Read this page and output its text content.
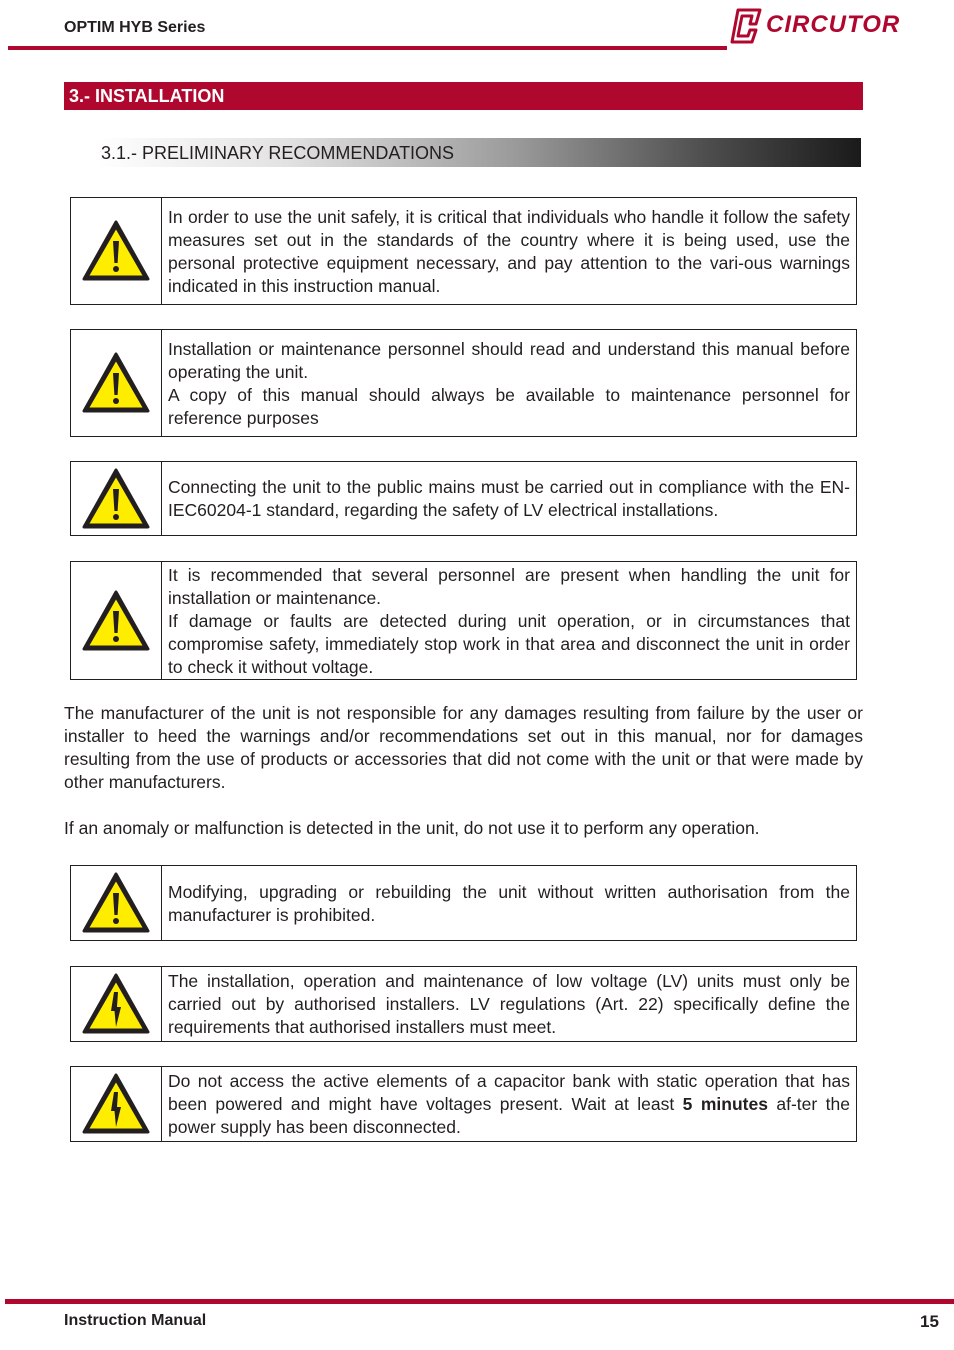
OPTIM HYB Series	CIRCUTOR
3.- INSTALLATION
3.1.- PRELIMINARY RECOMMENDATIONS

In order to use the unit safely, it is critical that individuals who handle it follow the safety measures set out in the standards of the country where it is being used, use the personal protective equipment necessary, and pay attention to the vari-ous warnings indicated in this instruction manual.

Installation or maintenance personnel should read and understand this manual before operating the unit.

A copy of this manual should always be available to maintenance personnel for reference purposes

Connecting the unit to the public mains must be carried out in compliance with the EN-IEC60204-1 standard, regarding the safety of LV electrical installations.

It is recommended that several personnel are present when handling the unit for installation or maintenance.

If damage or faults are detected during unit operation, or in circumstances that compromise safety, immediately stop work in that area and disconnect the unit in order to check it without voltage.

The manufacturer of the unit is not responsible for any damages resulting from failure by the user or installer to heed the warnings and/or recommendations set out in this manual, nor for damages resulting from the use of products or accessories that did not come with the unit or that were made by other manufacturers.

If an anomaly or malfunction is detected in the unit, do not use it to perform any operation.

Modifying, upgrading or rebuilding the unit without written authorisation from the manufacturer is prohibited.

The installation, operation and maintenance of low voltage (LV) units must only be carried out by authorised installers. LV regulations (Art. 22) specifically define the requirements that authorised installers must meet.

Do not access the active elements of a capacitor bank with static operation that has been powered and might have voltages present. Wait at least 5 minutes af-ter the power supply has been disconnected.

Instruction Manual	15
